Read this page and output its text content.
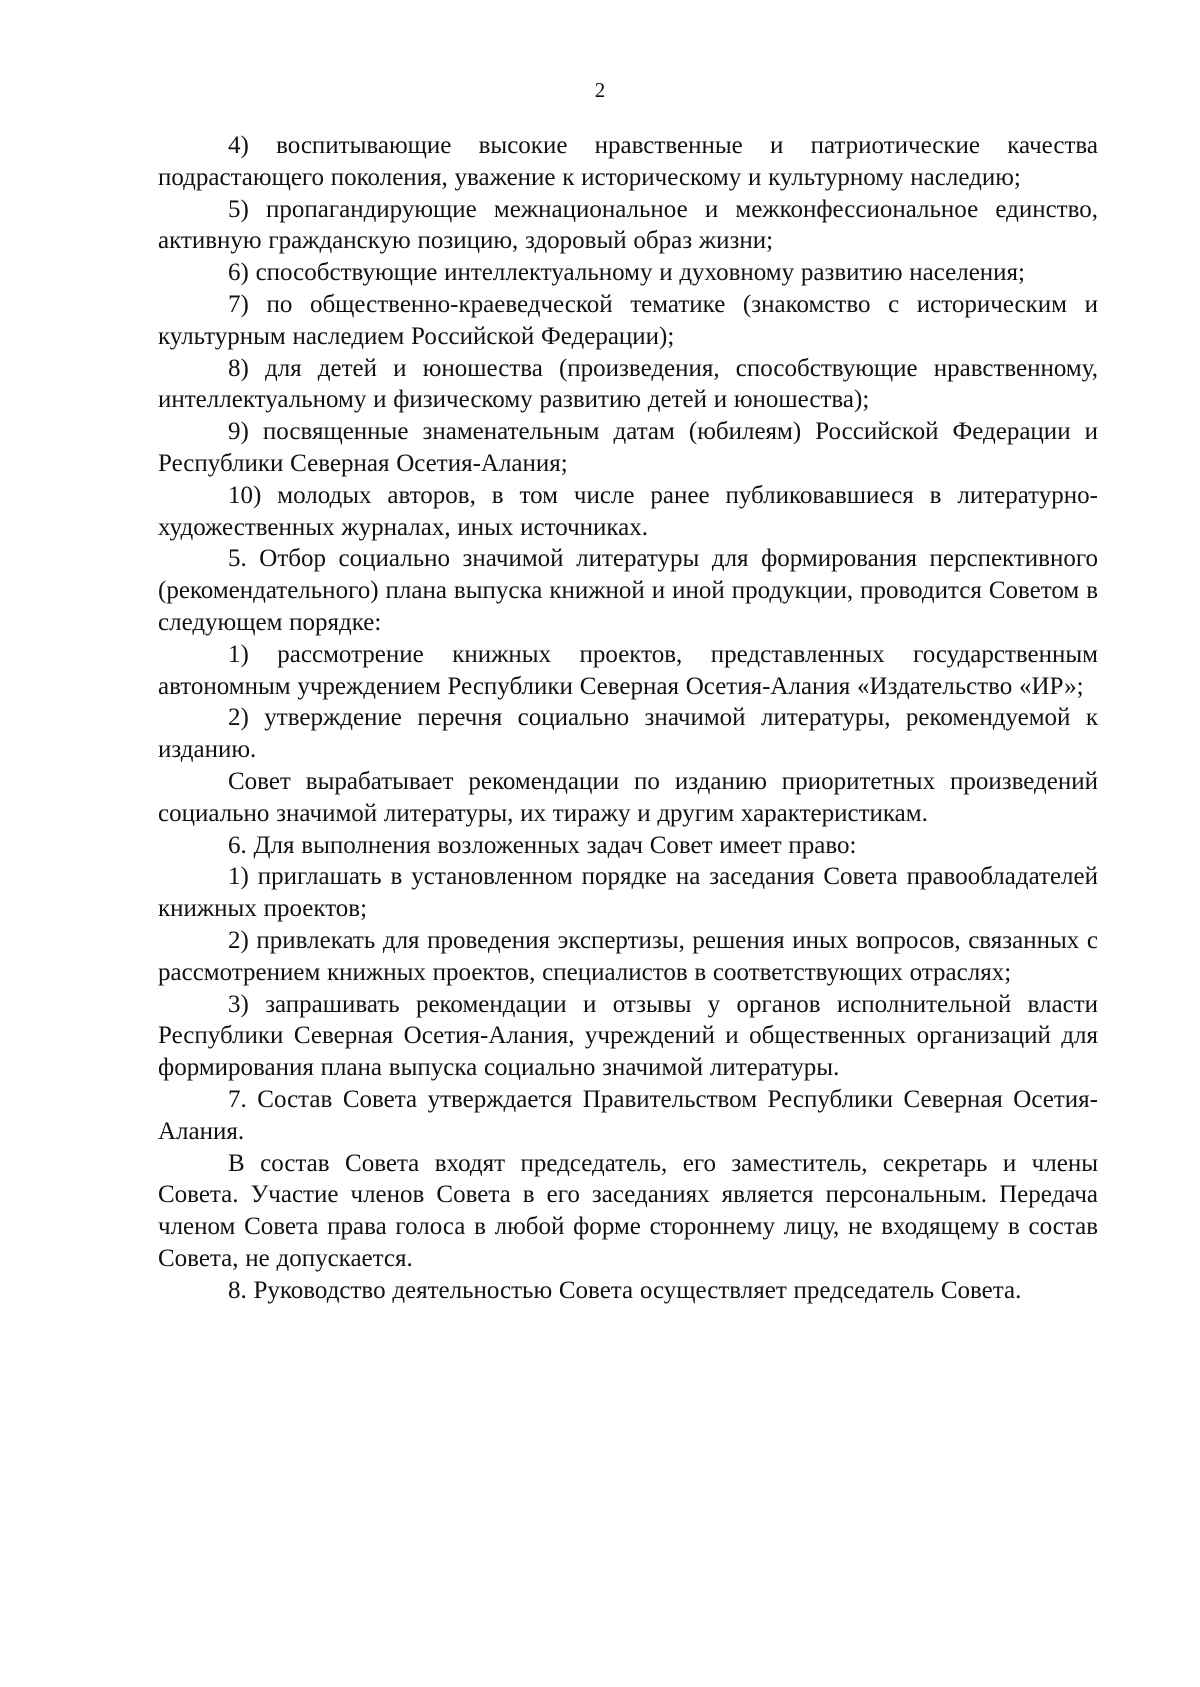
2

4) воспитывающие высокие нравственные и патриотические качества подрастающего поколения, уважение к историческому и культурному наследию;

5) пропагандирующие межнациональное и межконфессиональное единство, активную гражданскую позицию, здоровый образ жизни;

6) способствующие интеллектуальному и духовному развитию населения;

7) по общественно-краеведческой тематике (знакомство с историческим и культурным наследием Российской Федерации);

8) для детей и юношества (произведения, способствующие нравственному, интеллектуальному и физическому развитию детей и юношества);

9) посвященные знаменательным датам (юбилеям) Российской Федерации и Республики Северная Осетия-Алания;

10) молодых авторов, в том числе ранее публиковавшиеся в литературно-художественных журналах, иных источниках.

5. Отбор социально значимой литературы для формирования перспективного (рекомендательного) плана выпуска книжной и иной продукции, проводится Советом в следующем порядке:

1) рассмотрение книжных проектов, представленных государственным автономным учреждением Республики Северная Осетия-Алания «Издательство «ИР»;

2) утверждение перечня социально значимой литературы, рекомендуемой к изданию.

Совет вырабатывает рекомендации по изданию приоритетных произведений социально значимой литературы, их тиражу и другим характеристикам.

6. Для выполнения возложенных задач Совет имеет право:

1) приглашать в установленном порядке на заседания Совета правообладателей книжных проектов;

2) привлекать для проведения экспертизы, решения иных вопросов, связанных с рассмотрением книжных проектов, специалистов в соответствующих отраслях;

3) запрашивать рекомендации и отзывы у органов исполнительной власти Республики Северная Осетия-Алания, учреждений и общественных организаций для формирования плана выпуска социально значимой литературы.

7. Состав Совета утверждается Правительством Республики Северная Осетия-Алания.

В состав Совета входят председатель, его заместитель, секретарь и члены Совета. Участие членов Совета в его заседаниях является персональным. Передача членом Совета права голоса в любой форме стороннему лицу, не входящему в состав Совета, не допускается.

8. Руководство деятельностью Совета осуществляет председатель Совета.
